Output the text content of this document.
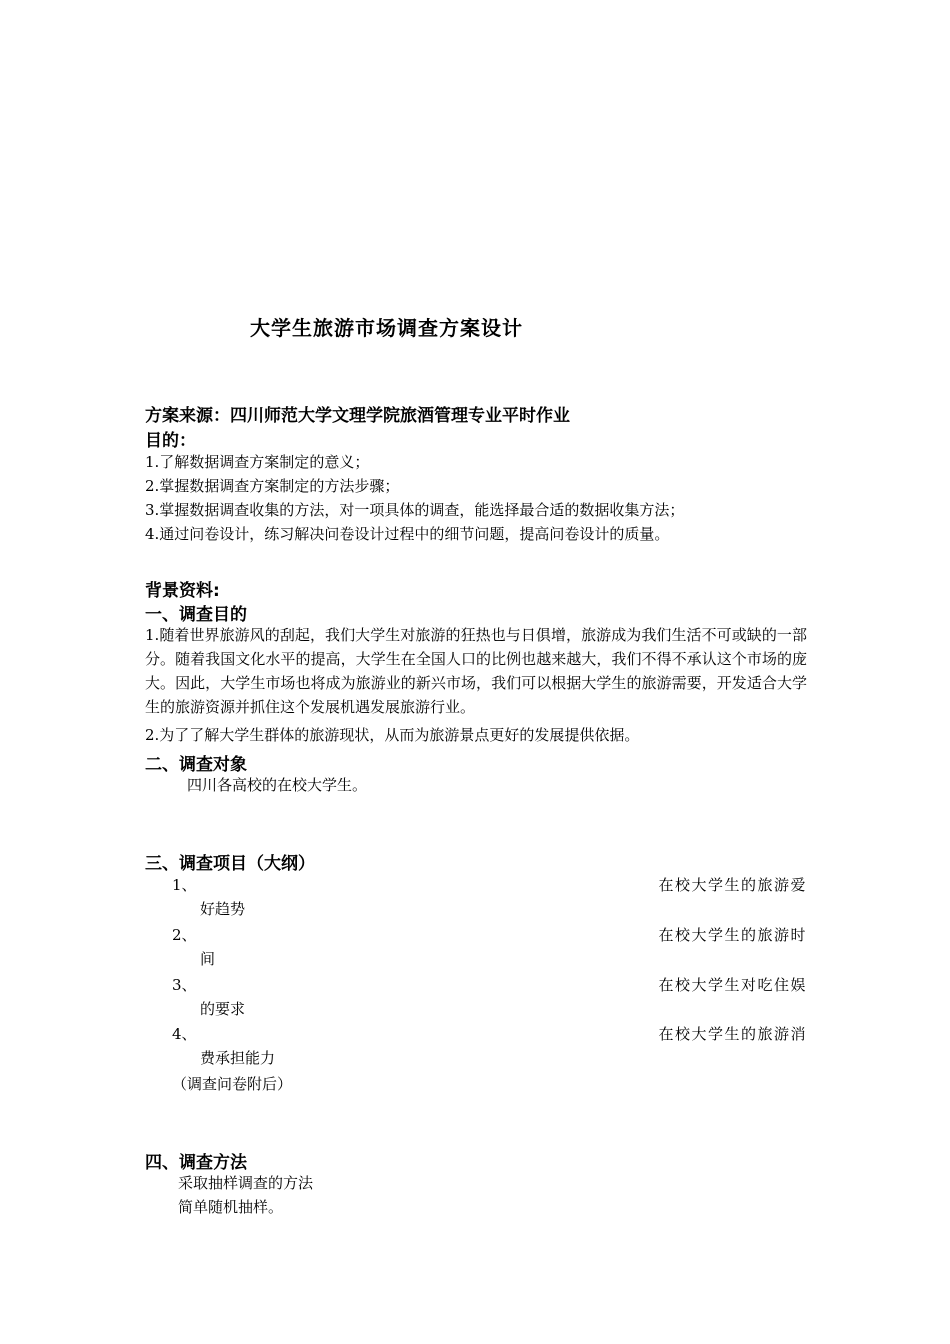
大学生旅游市场调查方案设计
方案来源：四川师范大学文理学院旅酒管理专业平时作业
目的：
1.了解数据调查方案制定的意义；
2.掌握数据调查方案制定的方法步骤；
3.掌握数据调查收集的方法，对一项具体的调查，能选择最合适的数据收集方法；
4.通过问卷设计，练习解决问卷设计过程中的细节问题，提高问卷设计的质量。
背景资料:
一、调查目的
1.随着世界旅游风的刮起，我们大学生对旅游的狂热也与日俱增，旅游成为我们生活不可或缺的一部分。随着我国文化水平的提高，大学生在全国人口的比例也越来越大，我们不得不承认这个市场的庞大。因此，大学生市场也将成为旅游业的新兴市场，我们可以根据大学生的旅游需要，开发适合大学生的旅游资源并抓住这个发展机遇发展旅游行业。
2.为了了解大学生群体的旅游现状，从而为旅游景点更好的发展提供依据。
二、调查对象
四川各高校的在校大学生。
三、调查项目（大纲）
1、	在校大学生的旅游爱
好趋势
2、	在校大学生的旅游时
间
3、	在校大学生对吃住娱
的要求
4、	在校大学生的旅游消
费承担能力
（调查问卷附后）
四、调查方法
采取抽样调查的方法
简单随机抽样。
